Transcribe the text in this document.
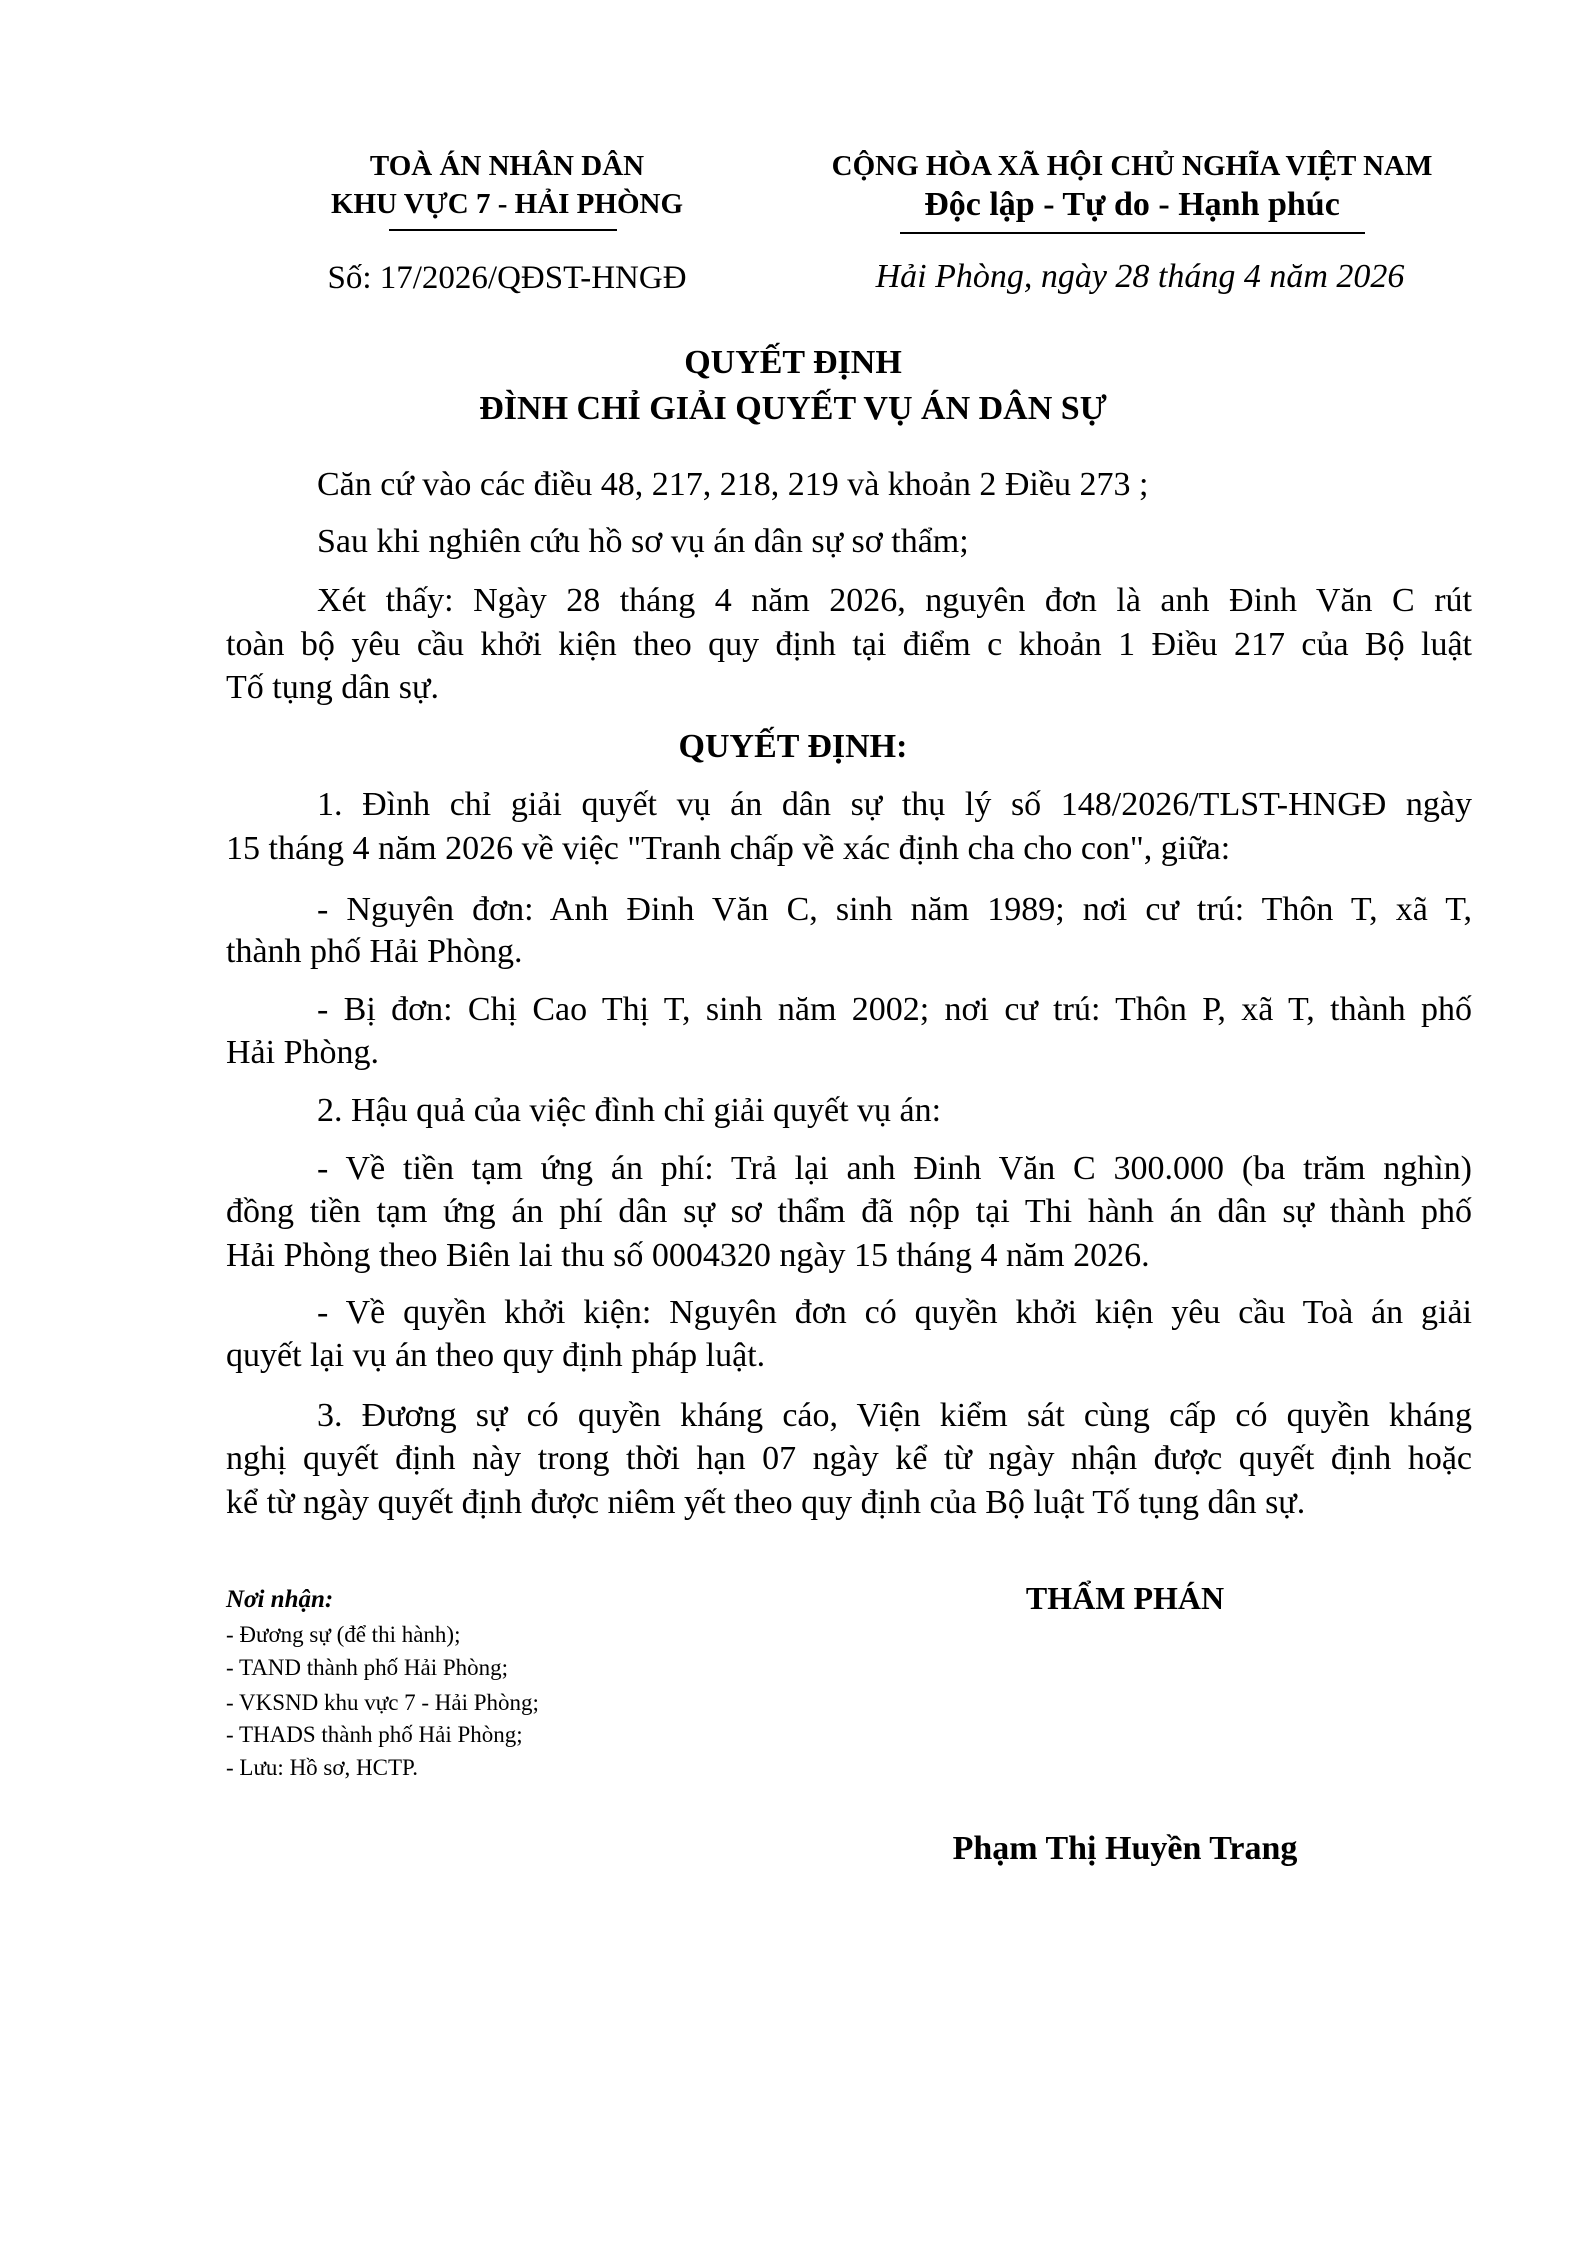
TOÀ ÁN NHÂN DÂN
KHU VỰC 7 - HẢI PHÒNG
CỘNG HÒA XÃ HỘI CHỦ NGHĨA VIỆT NAM
Độc lập - Tự do - Hạnh phúc
Số: 17/2026/QĐST-HNGĐ	Hải Phòng, ngày 28 tháng 4 năm 2026
QUYẾT ĐỊNH
ĐÌNH CHỈ GIẢI QUYẾT VỤ ÁN DÂN SỰ
Căn cứ vào các điều 48, 217, 218, 219 và khoản 2 Điều 273 ;
Sau khi nghiên cứu hồ sơ vụ án dân sự sơ thẩm;
Xét thấy: Ngày 28 tháng 4 năm 2026, nguyên đơn là anh Đinh Văn C rút
toàn bộ yêu cầu khởi kiện theo quy định tại điểm c khoản 1 Điều 217 của Bộ luật
Tố tụng dân sự.
1. Đình chỉ giải quyết vụ án dân sự thụ lý số 148/2026/TLST-HNGĐ ngày
15 tháng 4 năm 2026 về việc "Tranh chấp về xác định cha cho con", giữa:
- Nguyên đơn: Anh Đinh Văn C, sinh năm 1989; nơi cư trú: Thôn T, xã T,
thành phố Hải Phòng.
- Bị đơn: Chị Cao Thị T, sinh năm 2002; nơi cư trú: Thôn P, xã T, thành phố
Hải Phòng.
2. Hậu quả của việc đình chỉ giải quyết vụ án:
- Về tiền tạm ứng án phí: Trả lại anh Đinh Văn C 300.000 (ba trăm nghìn)
đồng tiền tạm ứng án phí dân sự sơ thẩm đã nộp tại Thi hành án dân sự thành phố
Hải Phòng theo Biên lai thu số 0004320 ngày 15 tháng 4 năm 2026.
- Về quyền khởi kiện: Nguyên đơn có quyền khởi kiện yêu cầu Toà án giải
quyết lại vụ án theo quy định pháp luật.
3. Đương sự có quyền kháng cáo, Viện kiểm sát cùng cấp có quyền kháng
nghị quyết định này trong thời hạn 07 ngày kể từ ngày nhận được quyết định hoặc
kể từ ngày quyết định được niêm yết theo quy định của Bộ luật Tố tụng dân sự.
QUYẾT ĐỊNH:
Nơi nhận:
- Đương sự (để thi hành);
- TAND thành phố Hải Phòng;
- VKSND khu vực 7 - Hải Phòng;
- THADS thành phố Hải Phòng;
- Lưu: Hồ sơ, HCTP.
THẨM PHÁN
Phạm Thị Huyền Trang
